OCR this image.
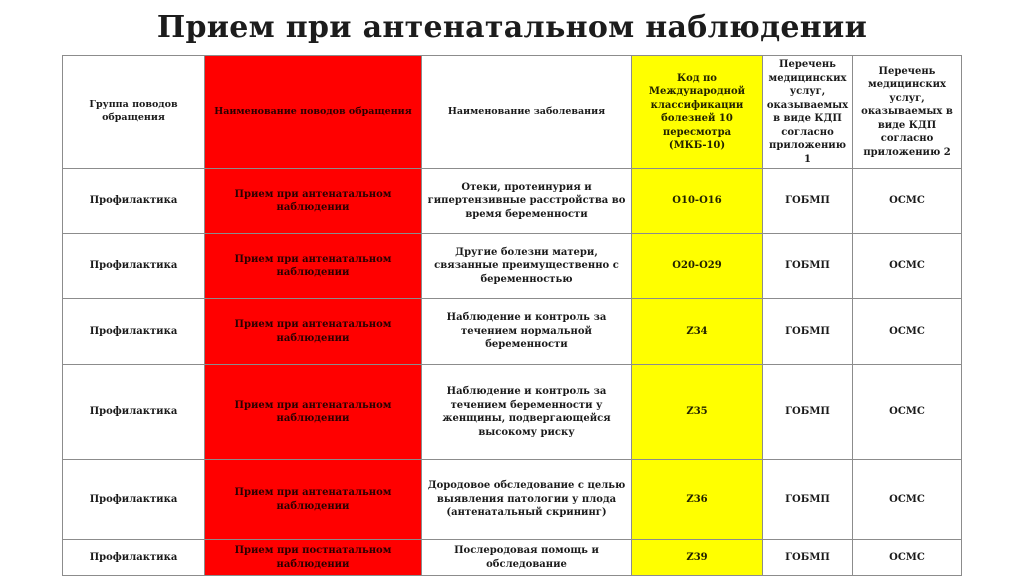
Прием при антенатальном наблюдении
Группа поводов обращения	Наименование поводов обращения	Наименование заболевания	Код по Международной классификации болезней 10 пересмотра (МКБ-10)	Перечень медицинских услуг, оказываемых в виде КДП согласно приложению 1	Перечень медицинских услуг, оказываемых в виде КДП согласно приложению 2
Профилактика	Прием при антенатальном наблюдении	Отеки, протеинурия и гипертензивные расстройства во время беременности	O10-O16	ГОБМП	ОСМС
Профилактика	Прием при антенатальном наблюдении	Другие болезни матери, связанные преимущественно с беременностью	O20-O29	ГОБМП	ОСМС
Профилактика	Прием при антенатальном наблюдении	Наблюдение и контроль за течением нормальной беременности	Z34	ГОБМП	ОСМС
Профилактика	Прием при антенатальном наблюдении	Наблюдение и контроль за течением беременности у женщины, подвергающейся высокому риску	Z35	ГОБМП	ОСМС
Профилактика	Прием при антенатальном наблюдении	Дородовое обследование с целью выявления патологии у плода (антенатальный скрининг)	Z36	ГОБМП	ОСМС
Профилактика	Прием при постнатальном наблюдении	Послеродовая помощь и обследование	Z39	ГОБМП	ОСМС
